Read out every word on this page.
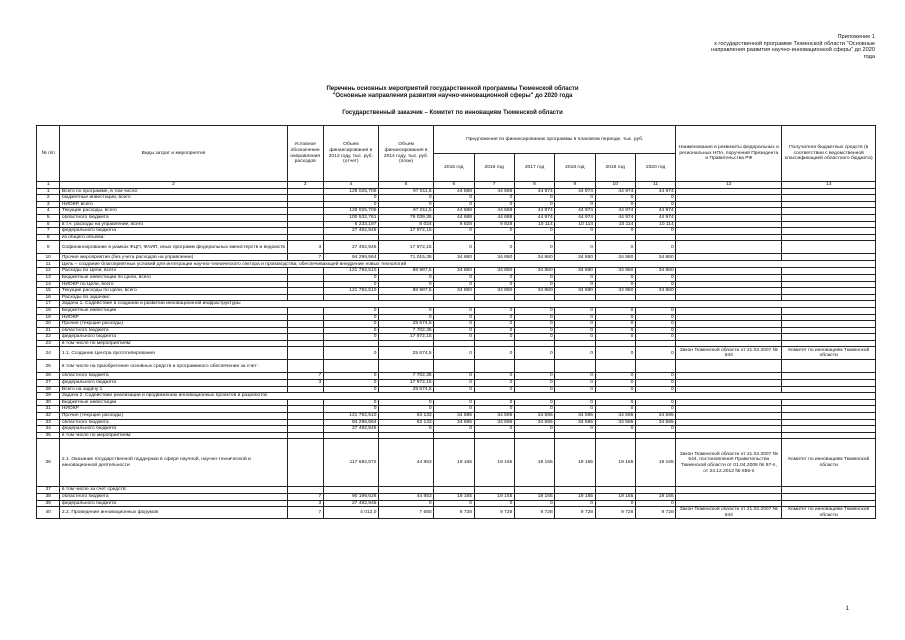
Приложение 1
к государственной программе Тюменской области "Основные
направления развития научно-инновационной сферы" до 2020
года
Перечень основных мероприятий государственной программы Тюменской области
"Основные направления развития научно-инновационной сферы" до 2020 года
Государственный заказчик – Комитет по инновациям Тюменской области
№ п/п	Виды затрат и мероприятия	Условное обозначение направления расходов	Объем финансирования в 2013 году, тыс. руб. (отчет)	Объем финансирования в 2014 году, тыс. руб. (план)	Предложения по финансированию программы в плановом периоде, тыс. руб.						Наименования и реквизиты федеральных и региональных НПА, поручений Президента и Правительства РФ	Получатели бюджетных средств (в соответствии с ведомственной классификацией областного бюджета)
					2015 год	2016 год	2017 год	2018 год	2019 год	2020 год		
1	2	3	4	5	6	7	8	9	10	11	12	13
1	Всего по программе, в том числе:		128 025,706	97 011,5	44 688	44 688	44 974	44 974	44 974	44 974		
2	бюджетные инвестиции, всего		0	0	0	0	0	0	0	0		
3	НИОКР, всего		0	0	0	0	0	0	0	0		
4	Текущие расходы, всего		128 025,706	97 011,5	44 688	44 688	44 974	44 974	44 974	44 974		
5	областного бюджета		100 532,761	79 039,35	44 688	44 688	44 974	44 974	44 974	44 974		
6	в т.ч. расходы на управление, всего		6 233,197	8 024	9 828	9 828	10 114	10 114	10 114	10 114		
7	федерального бюджета		27 492,945	17 972,15	0	0	0	0	0	0		
8	из общего объема:											
9	Софинансирование в рамках ФЦП, ФАИП, иных программ федеральных министерств и ведомств	3	27 492,945	17 972,15	0	0	0	0	0	0		
10	Прочие мероприятия (без учета расходов на управление)	7	94 299,564	71 015,35	34 860	34 860	34 860	34 860	34 860	34 860		
11	Цель – создание благоприятных условий для интеграции научно-технического сектора и производства, обеспечивающей внедрение новых технологий											
12	Расходы по Цели, всего		121 792,510	88 987,5	34 860	34 860	34 860	34 860	34 860	34 860		
13	Бюджетные инвестиции по Цели, всего		0	0	0	0	0	0	0	0		
14	НИОКР по Цели, всего		0	0	0	0	0	0	0	0		
15	Текущие расходы по Цели, всего		121 792,510	88 987,5	34 860	34 860	34 860	34 860	34 860	34 860		
16	Расходы по задачам:											
17	Задача 1. Содействие в создании и развитии инновационной инфраструктуры											
18	Бюджетные инвестиции		0	0	0	0	0	0	0	0		
19	НИОКР		0	0	0	0	0	0	0	0		
20	Прочие (текущие расходы)		0	25 674,5	0	0	0	0	0	0		
21	областного бюджета		0	7 702,35	0	0	0	0	0	0		
22	федерального бюджета		0	17 972,15	0	0	0	0	0	0		
23	в том числе по мероприятиям:											
24	1.1. Создание Центра прототипирования		0	25 674,5	0	0	0	0	0	0	Закон Тюменской области от 21.02.2007 № 544	Комитет по инновациям Тюменской области
25	в том числе на приобретение основных средств и программного обеспечения за счет:											
26	областного бюджета	7	0	7 702,35	0	0	0	0	0	0		
27	федерального бюджета	3	0	17 972,15	0	0	0	0	0	0		
28	Всего на задачу 1		0	25 674,5	0	0	0	0	0	0		
29	Задача 2. Содействие реализации и продвижению инновационных проектов и разработок											
30	Бюджетные инвестиции		0	0	0	0	0	0	0	0		
31	НИОКР		0	0	0	0	0	0	0	0		
32	Прочие (текущие расходы)		121 792,510	63 133	34 595	34 595	34 595	34 595	34 595	34 595		
33	областного бюджета		94 299,564	63 133	34 595	34 595	34 595	34 595	34 595	34 595		
34	федерального бюджета		27 492,945	0	0	0	0	0	0	0		
35	в том числе по мероприятиям:											
36	2.1. Оказание государственной поддержки в сфере научной, научно-технической и инновационной деятельности		117 692,572	44 853	19 165	19 165	19 165	19 165	19 165	19 165	Закон Тюменской области от 21.02.2007 № 544, постановления Правительства Тюменской области от 01.04.2008 № 97-п, от 24.12.2012 № 555-п	Комитет по инновациям Тюменской области
37	в том числе за счет средств:											
38	областного бюджета	7	90 199,626	44 853	19 165	19 165	19 165	19 165	19 165	19 165		
39	федерального бюджета	3	27 492,945	0	0	0	0	0	0	0		
40	2.2. Проведение инновационных форумов	7	4 012,0	7 680	9 728	9 728	9 728	9 728	9 728	9 728	Закон Тюменской области от 21.02.2007 № 544	Комитет по инновациям Тюменской области
1
